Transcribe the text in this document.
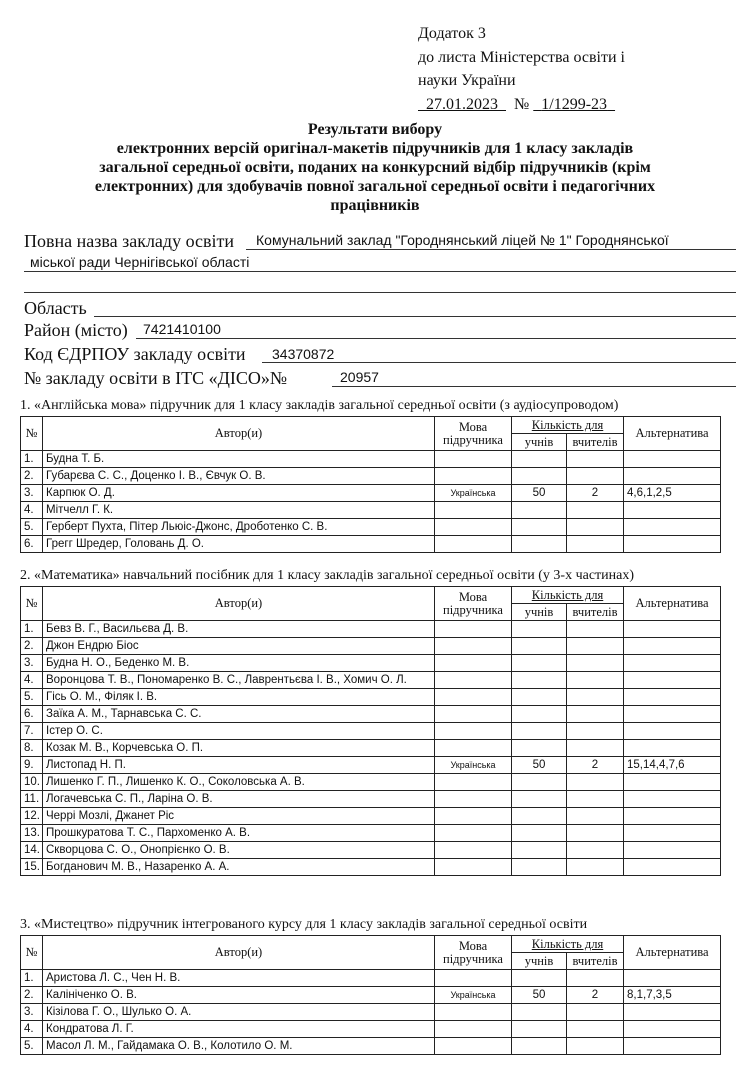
Додаток 3
до листа Міністерства освіти і
науки України
27.01.2023 № 1/1299-23
Результати вибору
електронних версій оригінал-макетів підручників для 1 класу закладів
загальної середньої освіти, поданих на конкурсний відбір підручників (крім
електронних) для здобувачів повної загальної середньої освіти і педагогічних
працівників
Повна назва закладу освіти	Комунальний заклад "Городнянський ліцей № 1" Городнянської
міської ради Чернігівської області
Область
Район (місто)	7421410100
Код ЄДРПОУ закладу освіти	34370872
№ закладу освіти в ІТС «ДІСО»№	20957
1. «Англійська мова» підручник для 1 класу закладів загальної середньої освіти (з аудіосупроводом)
№	Автор(и)	Мова підручника	Кількість для		Альтернатива
			учнів	вчителів	
1.	Будна Т. Б.				
2.	Губарєва С. С., Доценко І. В., Євчук О. В.				
3.	Карпюк О. Д.	Українська	50	2	4,6,1,2,5
4.	Мітчелл Г. К.				
5.	Герберт Пухта, Пітер Льюіс-Джонс, Дроботенко С. В.				
6.	Грегг Шредер, Головань Д. О.				
2. «Математика» навчальний посібник для 1 класу закладів загальної середньої освіти (у 3-х частинах)
№	Автор(и)	Мова підручника	Кількість для		Альтернатива
			учнів	вчителів	
1.	Бевз В. Г., Васильєва Д. В.				
2.	Джон Ендрю Біос				
3.	Будна Н. О., Беденко М. В.				
4.	Воронцова Т. В., Пономаренко В. С., Лаврентьєва І. В., Хомич О. Л.				
5.	Гісь О. М., Філяк І. В.				
6.	Заїка А. М., Тарнавська С. С.				
7.	Істер О. С.				
8.	Козак М. В., Корчевська О. П.				
9.	Листопад Н. П.	Українська	50	2	15,14,4,7,6
10.	Лишенко Г. П., Лишенко К. О., Соколовська А. В.				
11.	Логачевська С. П., Ларіна О. В.				
12.	Черрі Мозлі, Джанет Ріс				
13.	Прошкуратова Т. С., Пархоменко А. В.				
14.	Скворцова С. О., Онопрієнко О. В.				
15.	Богданович М. В., Назаренко А. А.				
3. «Мистецтво» підручник інтегрованого курсу для 1 класу закладів загальної середньої освіти
№	Автор(и)	Мова підручника	Кількість для		Альтернатива
			учнів	вчителів	
1.	Аристова Л. С., Чен Н. В.				
2.	Калініченко О. В.	Українська	50	2	8,1,7,3,5
3.	Кізілова Г. О., Шулько О. А.				
4.	Кондратова Л. Г.				
5.	Масол Л. М., Гайдамака О. В., Колотило О. М.				
